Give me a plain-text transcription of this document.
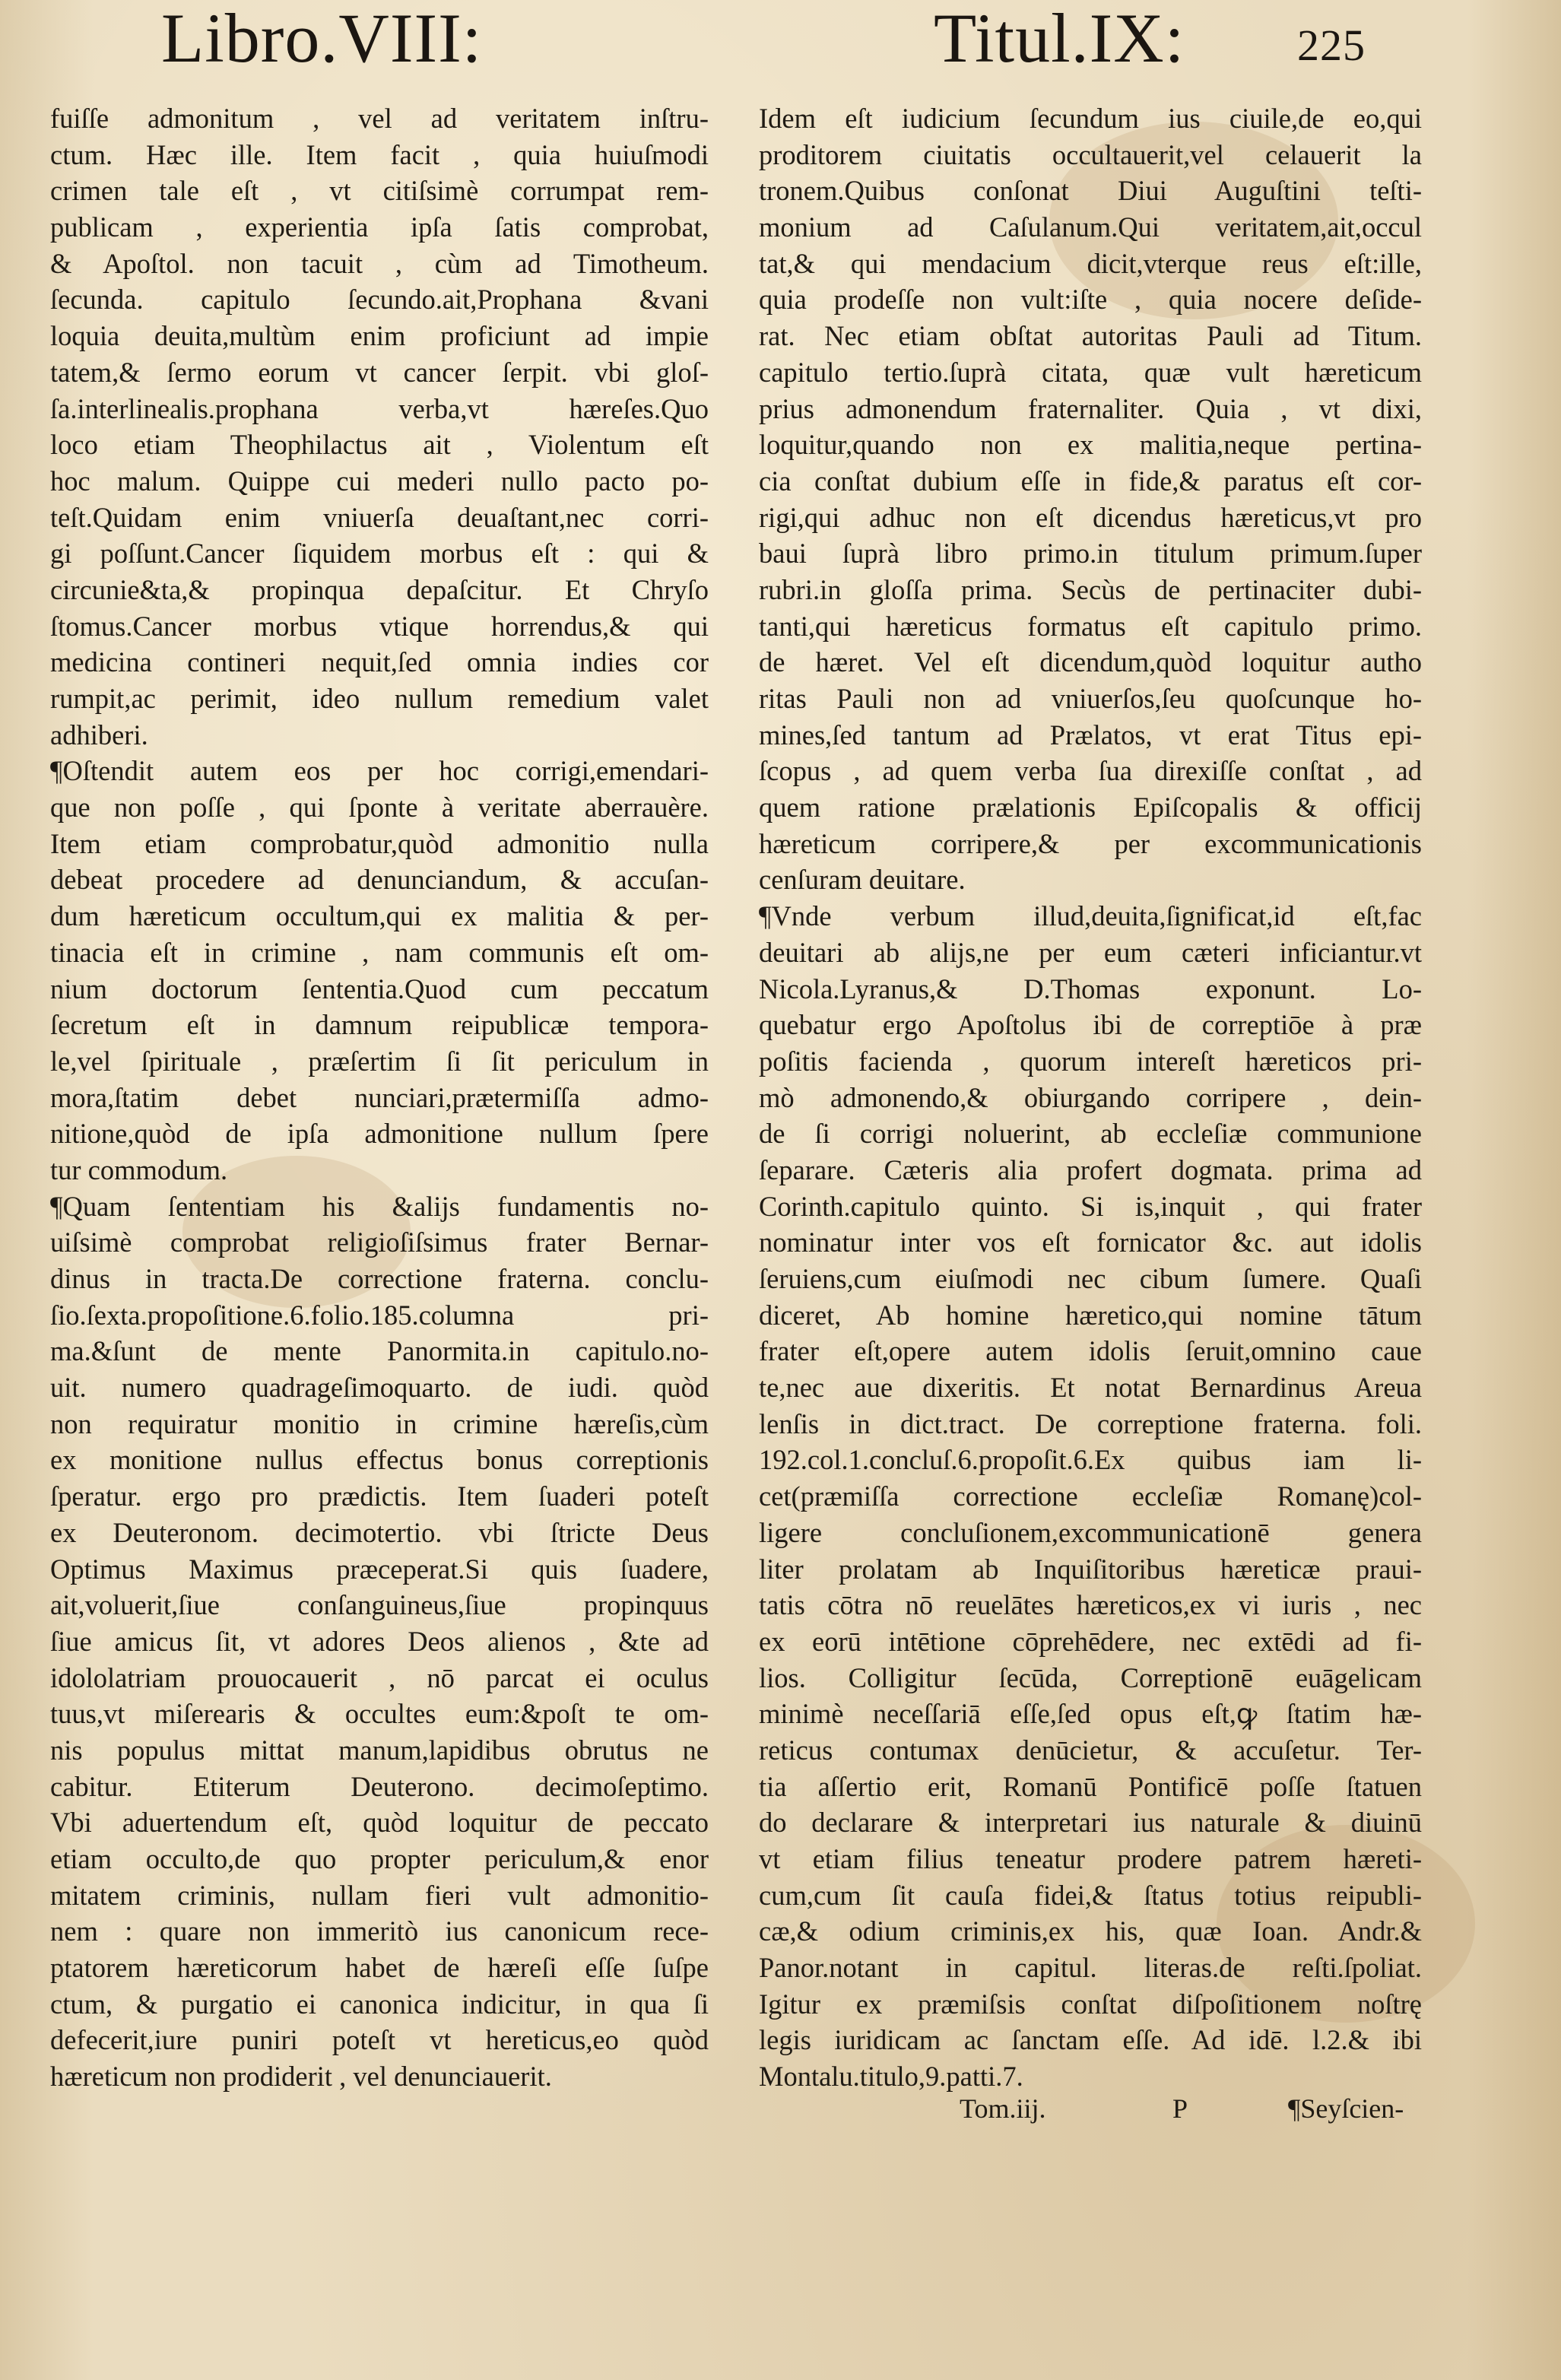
Libro.VIII:	Titul.IX:	225
fuiſſe admonitum , vel ad veritatem inſtru-
ctum. Hæc ille. Item facit , quia huiuſmodi
crimen tale eſt , vt citiſsimè corrumpat rem-
publicam , experientia ipſa ſatis comprobat,
& Apoſtol. non tacuit , cùm ad Timotheum.
ſecunda. capitulo ſecundo.ait,Prophana &vani
loquia deuita,multùm enim proficiunt ad impie
tatem,& ſermo eorum vt cancer ſerpit. vbi gloſ-
ſa.interlinealis.prophana verba,vt hæreſes.Quo
loco etiam Theophilactus ait , Violentum eſt
hoc malum. Quippe cui mederi nullo pacto po-
teſt.Quidam enim vniuerſa deuaſtant,nec corri-
gi poſſunt.Cancer ſiquidem morbus eſt : qui &
circunie&ta,& propinqua depaſcitur. Et Chryſo
ſtomus.Cancer morbus vtique horrendus,& qui
medicina contineri nequit,ſed omnia indies cor
rumpit,ac perimit, ideo nullum remedium valet
adhiberi.
¶Oſtendit autem eos per hoc corrigi,emendari-
que non poſſe , qui ſponte à veritate aberrauère.
Item etiam comprobatur,quòd admonitio nulla
debeat procedere ad denunciandum, & accuſan-
dum hæreticum occultum,qui ex malitia & per-
tinacia eſt in crimine , nam communis eſt om-
nium doctorum ſententia.Quod cum peccatum
ſecretum eſt in damnum reipublicæ tempora-
le,vel ſpirituale , præſertim ſi ſit periculum in
mora,ſtatim debet nunciari,prætermiſſa admo-
nitione,quòd de ipſa admonitione nullum ſpere
tur commodum.
¶Quam ſententiam his &alijs fundamentis no-
uiſsimè comprobat religioſiſsimus frater Bernar-
dinus in tracta.De correctione fraterna. conclu-
ſio.ſexta.propoſitione.6.folio.185.columna pri-
ma.&ſunt de mente Panormita.in capitulo.no-
uit. numero quadrageſimoquarto. de iudi. quòd
non requiratur monitio in crimine hæreſis,cùm
ex monitione nullus effectus bonus correptionis
ſperatur. ergo pro prædictis. Item ſuaderi poteſt
ex Deuteronom. decimotertio. vbi ſtricte Deus
Optimus Maximus præceperat.Si quis ſuadere,
ait,voluerit,ſiue conſanguineus,ſiue propinquus
ſiue amicus ſit, vt adores Deos alienos , &te ad
idololatriam prouocauerit , nō parcat ei oculus
tuus,vt miſerearis & occultes eum:&poſt te om-
nis populus mittat manum,lapidibus obrutus ne
cabitur. Etiterum Deuterono. decimoſeptimo.
Vbi aduertendum eſt, quòd loquitur de peccato
etiam occulto,de quo propter periculum,& enor
mitatem criminis, nullam fieri vult admonitio-
nem : quare non immeritò ius canonicum rece-
ptatorem hæreticorum habet de hæreſi eſſe ſuſpe
ctum, & purgatio ei canonica indicitur, in qua ſi
defecerit,iure puniri poteſt vt hereticus,eo quòd
hæreticum non prodiderit , vel denunciauerit.
Idem eſt iudicium ſecundum ius ciuile,de eo,qui
proditorem ciuitatis occultauerit,vel celauerit la
tronem.Quibus conſonat Diui Auguſtini teſti-
monium ad Caſulanum.Qui veritatem,ait,occul
tat,& qui mendacium dicit,vterque reus eſt:ille,
quia prodeſſe non vult:iſte , quia nocere deſide-
rat. Nec etiam obſtat autoritas Pauli ad Titum.
capitulo tertio.ſuprà citata, quæ vult hæreticum
prius admonendum fraternaliter. Quia , vt dixi,
loquitur,quando non ex malitia,neque pertina-
cia conſtat dubium eſſe in fide,& paratus eſt cor-
rigi,qui adhuc non eſt dicendus hæreticus,vt pro
baui ſuprà libro primo.in titulum primum.ſuper
rubri.in gloſſa prima. Secùs de pertinaciter dubi-
tanti,qui hæreticus formatus eſt capitulo primo.
de hæret. Vel eſt dicendum,quòd loquitur autho
ritas Pauli non ad vniuerſos,ſeu quoſcunque ho-
mines,ſed tantum ad Prælatos, vt erat Titus epi-
ſcopus , ad quem verba ſua direxiſſe conſtat , ad
quem ratione prælationis Epiſcopalis & officij
hæreticum corripere,& per excommunicationis
cenſuram deuitare.
¶Vnde verbum illud,deuita,ſignificat,id eſt,fac
deuitari ab alijs,ne per eum cæteri inficiantur.vt
Nicola.Lyranus,& D.Thomas exponunt. Lo-
quebatur ergo Apoſtolus ibi de correptiōe à præ
poſitis facienda , quorum intereſt hæreticos pri-
mò admonendo,& obiurgando corripere , dein-
de ſi corrigi noluerint, ab eccleſiæ communione
ſeparare. Cæteris alia profert dogmata. prima ad
Corinth.capitulo quinto. Si is,inquit , qui frater
nominatur inter vos eſt fornicator &c. aut idolis
ſeruiens,cum eiuſmodi nec cibum ſumere. Quaſi
diceret, Ab homine hæretico,qui nomine tātum
frater eſt,opere autem idolis ſeruit,omnino caue
te,nec aue dixeritis. Et notat Bernardinus Areua
lenſis in dict.tract. De correptione fraterna. foli.
192.col.1.concluſ.6.propoſit.6.Ex quibus iam li-
cet(præmiſſa correctione eccleſiæ Romanę)col-
ligere concluſionem,excommunicationē genera
liter prolatam ab Inquiſitoribus hæreticæ praui-
tatis cōtra nō reuelātes hæreticos,ex vi iuris , nec
ex eorū intētione cōprehēdere, nec extēdi ad fi-
lios. Colligitur ſecūda, Correptionē euāgelicam
minimè neceſſariā eſſe,ſed opus eſt,ꝙ ſtatim hæ-
reticus contumax denūcietur, & accuſetur. Ter-
tia aſſertio erit, Romanū Pontificē poſſe ſtatuen
do declarare & interpretari ius naturale & diuinū
vt etiam filius teneatur prodere patrem hæreti-
cum,cum ſit cauſa fidei,& ſtatus totius reipubli-
cæ,& odium criminis,ex his, quæ Ioan. Andr.&
Panor.notant in capitul. literas.de reſti.ſpoliat.
Igitur ex præmiſsis conſtat diſpoſitionem noſtrę
legis iuridicam ac ſanctam eſſe. Ad idē. l.2.& ibi
Montalu.titulo,9.patti.7.
Tom.iij.	P	¶Seyſcien-
